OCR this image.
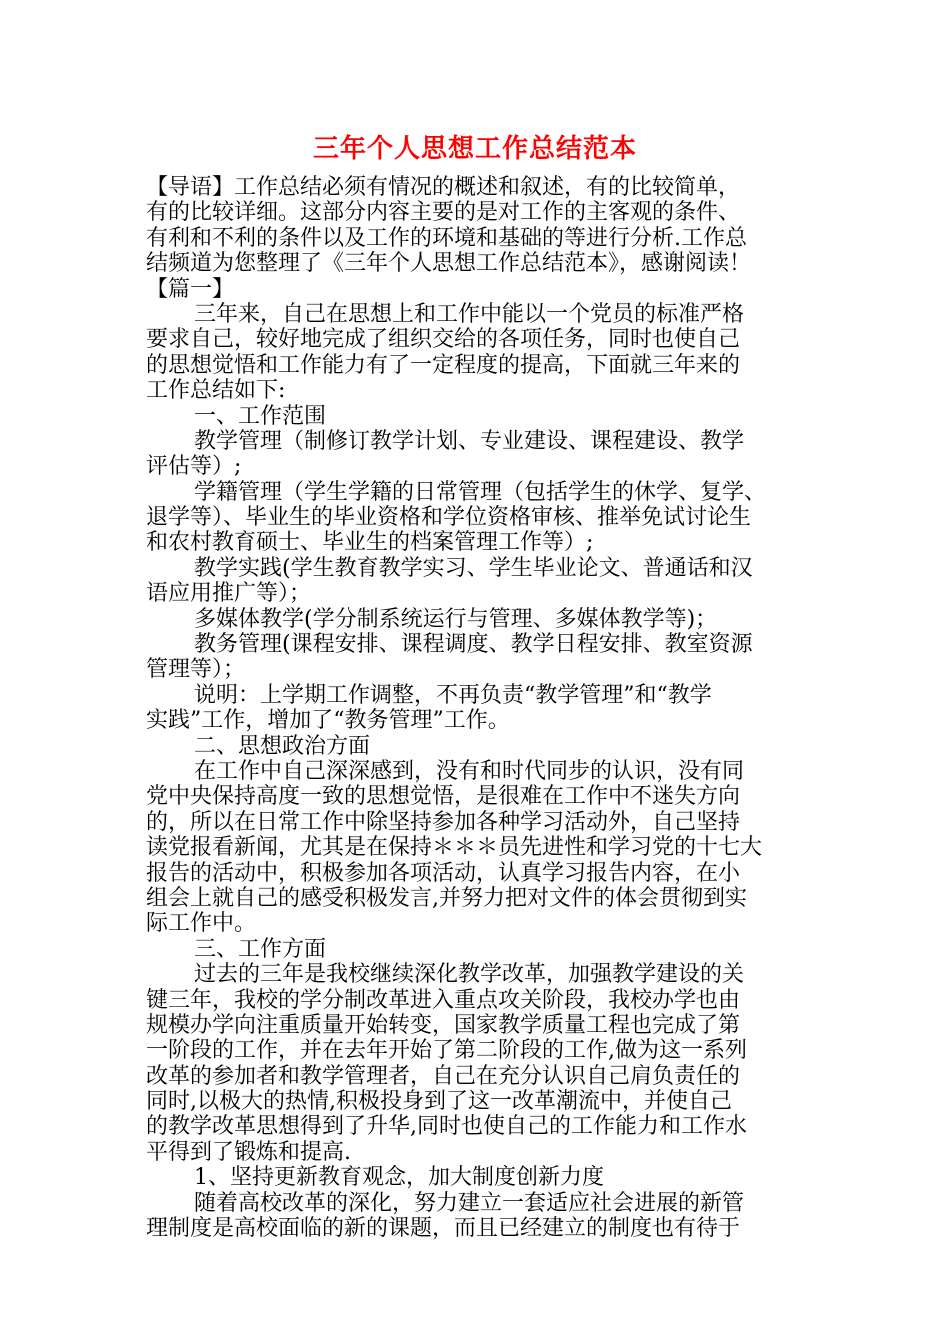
三年个人思想工作总结范本
【导语】工作总结必须有情况的概述和叙述，有的比较简单，
有的比较详细。这部分内容主要的是对工作的主客观的条件、
有利和不利的条件以及工作的环境和基础的等进行分析.工作总
结频道为您整理了《三年个人思想工作总结范本》，感谢阅读！
【篇一】
三年来，自己在思想上和工作中能以一个党员的标准严格
要求自己，较好地完成了组织交给的各项任务，同时也使自己
的思想觉悟和工作能力有了一定程度的提高，下面就三年来的
工作总结如下:
一、工作范围
教学管理（制修订教学计划、专业建设、课程建设、教学
评估等）;
学籍管理（学生学籍的日常管理（包括学生的休学、复学、
退学等）、毕业生的毕业资格和学位资格审核、推举免试讨论生
和农村教育硕士、毕业生的档案管理工作等）;
教学实践(学生教育教学实习、学生毕业论文、普通话和汉
语应用推广等）；
多媒体教学(学分制系统运行与管理、多媒体教学等)；
教务管理(课程安排、课程调度、教学日程安排、教室资源
管理等）；
说明：上学期工作调整，不再负责“教学管理”和“教学
实践”工作，增加了“教务管理”工作。
二、思想政治方面
在工作中自己深深感到，没有和时代同步的认识，没有同
党中央保持高度一致的思想觉悟，是很难在工作中不迷失方向
的，所以在日常工作中除坚持参加各种学习活动外，自己坚持
读党报看新闻，尤其是在保持＊＊＊员先进性和学习党的十七大
报告的活动中，积极参加各项活动，认真学习报告内容，在小
组会上就自己的感受积极发言,并努力把对文件的体会贯彻到实
际工作中。
三、工作方面
过去的三年是我校继续深化教学改革，加强教学建设的关
键三年，我校的学分制改革进入重点攻关阶段，我校办学也由
规模办学向注重质量开始转变，国家教学质量工程也完成了第
一阶段的工作，并在去年开始了第二阶段的工作,做为这一系列
改革的参加者和教学管理者，自己在充分认识自己肩负责任的
同时,以极大的热情,积极投身到了这一改革潮流中，并使自己
的教学改革思想得到了升华,同时也使自己的工作能力和工作水
平得到了锻炼和提高.
1、坚持更新教育观念，加大制度创新力度
随着高校改革的深化，努力建立一套适应社会进展的新管
理制度是高校面临的新的课题，而且已经建立的制度也有待于
